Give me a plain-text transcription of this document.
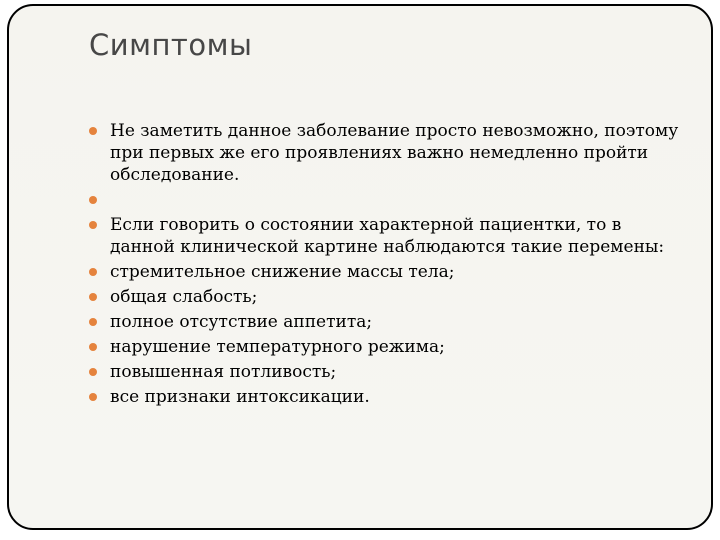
Симптомы
Не заметить данное заболевание просто невозможно, поэтому при первых же его проявлениях важно немедленно пройти обследование.
Если говорить о состоянии характерной пациентки, то в данной клинической картине наблюдаются такие перемены:
стремительное снижение массы тела;
общая слабость;
полное отсутствие аппетита;
нарушение температурного режима;
повышенная потливость;
все признаки интоксикации.
